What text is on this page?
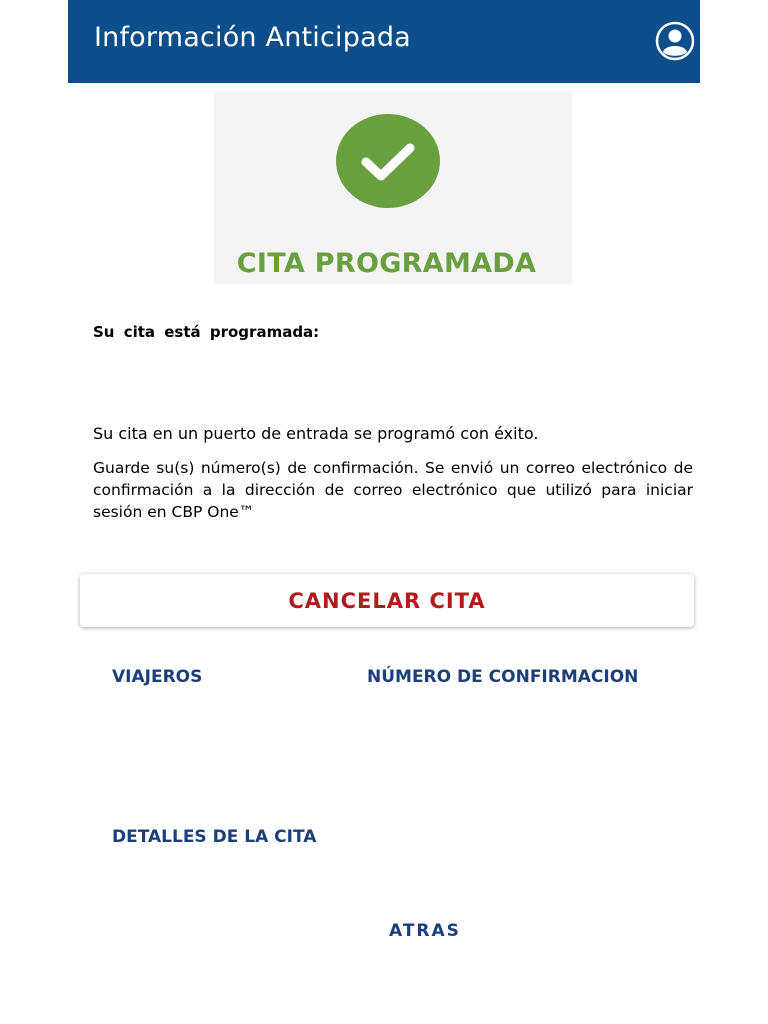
Información Anticipada
CITA PROGRAMADA
Su cita está programada:
Su cita en un puerto de entrada se programó con éxito.
Guarde su(s) número(s) de confirmación. Se envió un correo electrónico de confirmación a la dirección de correo electrónico que utilizó para iniciar sesión en CBP One™
CANCELAR CITA
VIAJEROS	NÚMERO DE CONFIRMACION
DETALLES DE LA CITA
ATRAS
